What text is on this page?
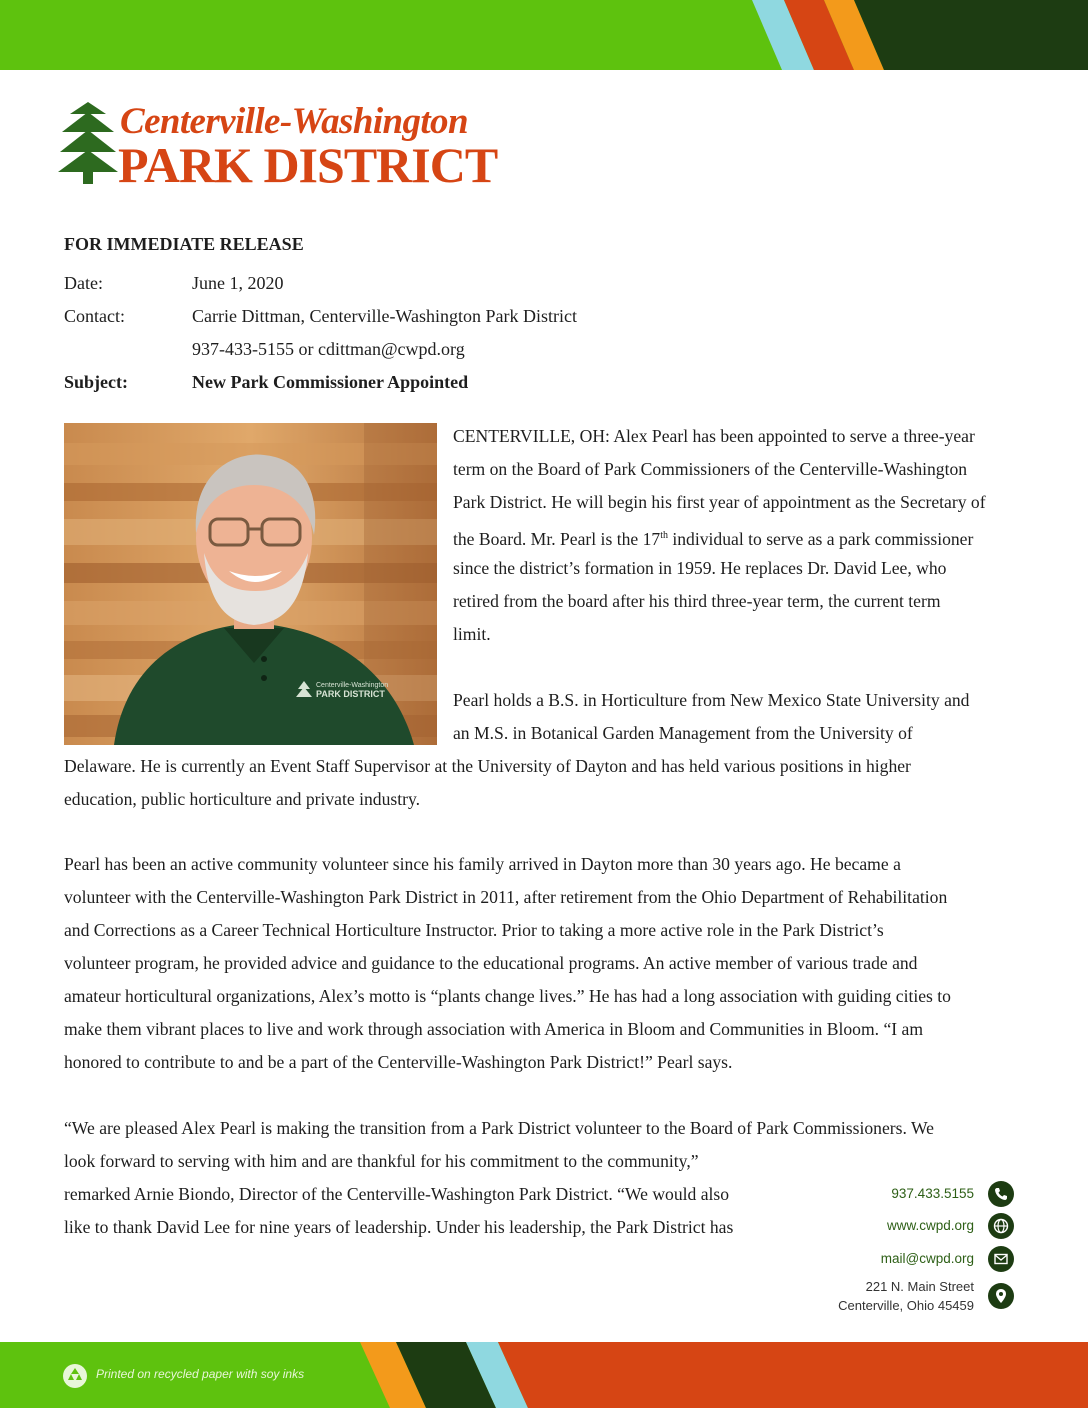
Centerville-Washington
PARK DISTRICT
FOR IMMEDIATE RELEASE
Date:	June 1, 2020
Contact:	Carrie Dittman, Centerville-Washington Park District
937-433-5155 or cdittman@cwpd.org
Subject:	New Park Commissioner Appointed
Centerville-Washington
PARK DISTRICT
CENTERVILLE, OH: Alex Pearl has been appointed to serve a three-year
term on the Board of Park Commissioners of the Centerville-Washington
Park District. He will begin his first year of appointment as the Secretary of
the Board. Mr. Pearl is the 17th individual to serve as a park commissioner
since the district’s formation in 1959. He replaces Dr. David Lee, who
retired from the board after his third three-year term, the current term
limit.
Pearl holds a B.S. in Horticulture from New Mexico State University and
an M.S. in Botanical Garden Management from the University of
Delaware. He is currently an Event Staff Supervisor at the University of Dayton and has held various positions in higher
education, public horticulture and private industry.
Pearl has been an active community volunteer since his family arrived in Dayton more than 30 years ago. He became a
volunteer with the Centerville-Washington Park District in 2011, after retirement from the Ohio Department of Rehabilitation
and Corrections as a Career Technical Horticulture Instructor. Prior to taking a more active role in the Park District’s
volunteer program, he provided advice and guidance to the educational programs. An active member of various trade and
amateur horticultural organizations, Alex’s motto is “plants change lives.” He has had a long association with guiding cities to
make them vibrant places to live and work through association with America in Bloom and Communities in Bloom. “I am
honored to contribute to and be a part of the Centerville-Washington Park District!” Pearl says.
“We are pleased Alex Pearl is making the transition from a Park District volunteer to the Board of Park Commissioners. We
look forward to serving with him and are thankful for his commitment to the community,”
remarked Arnie Biondo, Director of the Centerville-Washington Park District. “We would also
like to thank David Lee for nine years of leadership. Under his leadership, the Park District has
937.433.5155
www.cwpd.org
mail@cwpd.org
221 N. Main Street
Centerville, Ohio 45459
Printed on recycled paper with soy inks
